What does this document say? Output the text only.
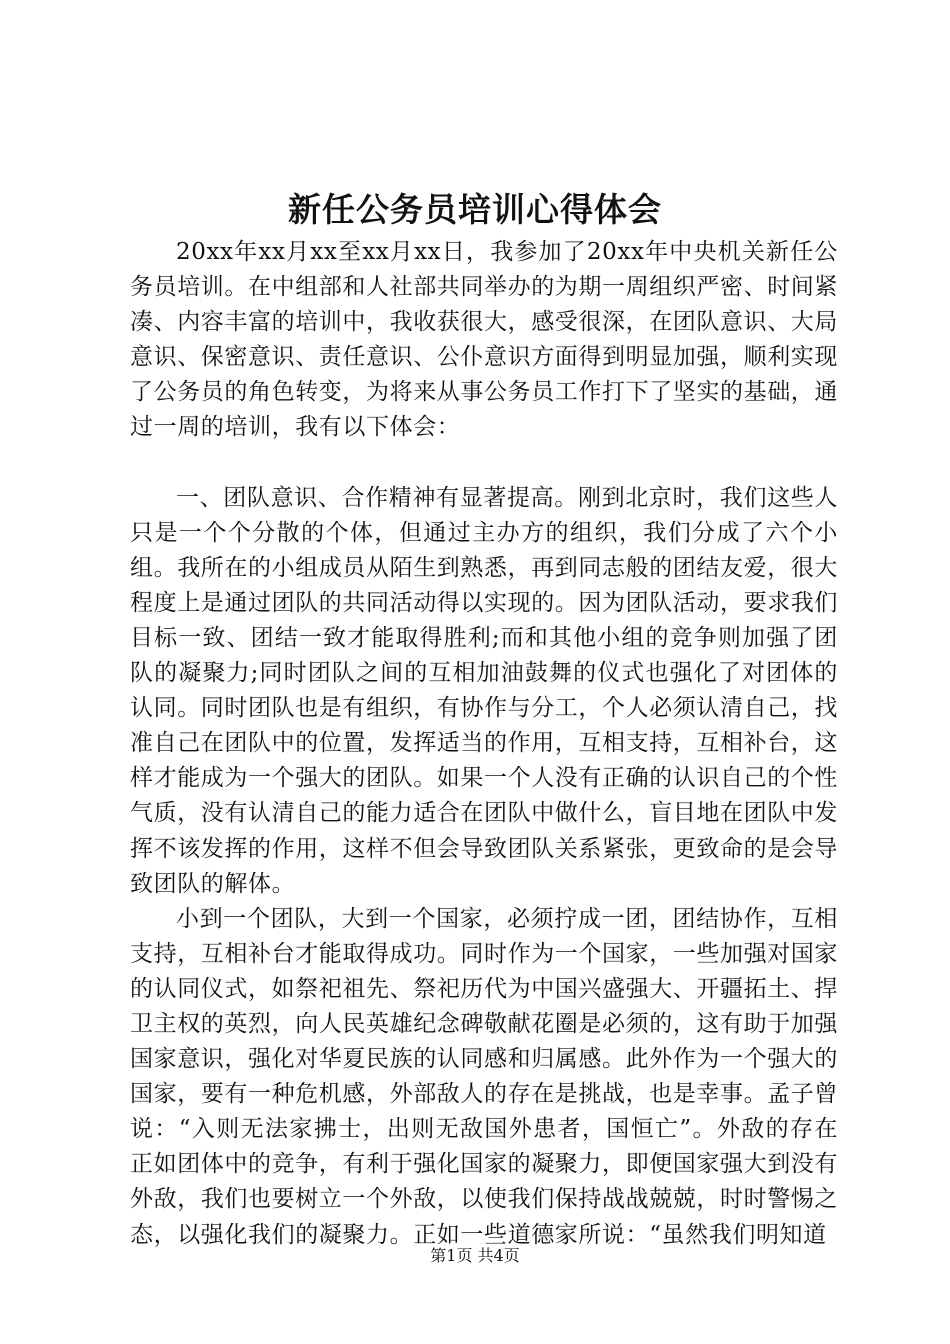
新任公务员培训心得体会

20xx年xx月xx至xx月xx日，我参加了20xx年中央机关新任公务员培训。在中组部和人社部共同举办的为期一周组织严密、时间紧凑、内容丰富的培训中，我收获很大，感受很深，在团队意识、大局意识、保密意识、责任意识、公仆意识方面得到明显加强，顺利实现了公务员的角色转变，为将来从事公务员工作打下了坚实的基础，通过一周的培训，我有以下体会：

一、团队意识、合作精神有显著提高。刚到北京时，我们这些人只是一个个分散的个体，但通过主办方的组织，我们分成了六个小组。我所在的小组成员从陌生到熟悉，再到同志般的团结友爱，很大程度上是通过团队的共同活动得以实现的。因为团队活动，要求我们目标一致、团结一致才能取得胜利;而和其他小组的竞争则加强了团队的凝聚力;同时团队之间的互相加油鼓舞的仪式也强化了对团体的认同。同时团队也是有组织，有协作与分工，个人必须认清自己，找准自己在团队中的位置，发挥适当的作用，互相支持，互相补台，这样才能成为一个强大的团队。如果一个人没有正确的认识自己的个性气质，没有认清自己的能力适合在团队中做什么，盲目地在团队中发挥不该发挥的作用，这样不但会导致团队关系紧张，更致命的是会导致团队的解体。

小到一个团队，大到一个国家，必须拧成一团，团结协作，互相支持，互相补台才能取得成功。同时作为一个国家，一些加强对国家的认同仪式，如祭祀祖先、祭祀历代为中国兴盛强大、开疆拓土、捍卫主权的英烈，向人民英雄纪念碑敬献花圈是必须的，这有助于加强国家意识，强化对华夏民族的认同感和归属感。此外作为一个强大的国家，要有一种危机感，外部敌人的存在是挑战，也是幸事。孟子曾说：“入则无法家拂士，出则无敌国外患者，国恒亡”。外敌的存在正如团体中的竞争，有利于强化国家的凝聚力，即便国家强大到没有外敌，我们也要树立一个外敌，以使我们保持战战兢兢，时时警惕之态，以强化我们的凝聚力。正如一些道德家所说：“虽然我们明知道

第1页 共4页
